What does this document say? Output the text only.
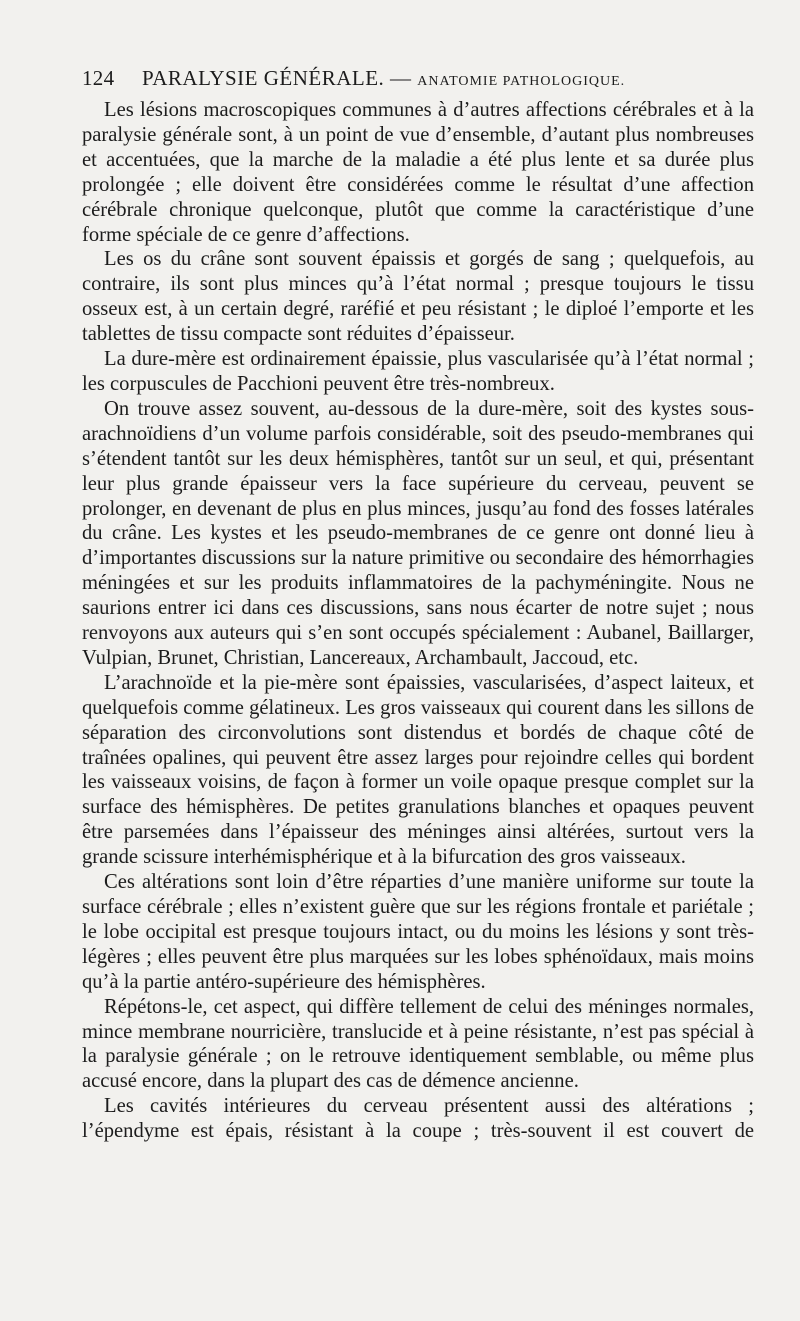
124	PARALYSIE GÉNÉRALE. — ANATOMIE PATHOLOGIQUE.

Les lésions macroscopiques communes à d’autres affections cérébrales et à la paralysie générale sont, à un point de vue d’ensemble, d’autant plus nombreuses et accentuées, que la marche de la maladie a été plus lente et sa durée plus prolongée ; elle doivent être considérées comme le résultat d’une affection cérébrale chronique quelconque, plutôt que comme la caractéristique d’une forme spéciale de ce genre d’affections.

Les os du crâne sont souvent épaissis et gorgés de sang ; quelquefois, au contraire, ils sont plus minces qu’à l’état normal ; presque toujours le tissu osseux est, à un certain degré, raréfié et peu résistant ; le diploé l’emporte et les tablettes de tissu compacte sont réduites d’épaisseur.

La dure-mère est ordinairement épaissie, plus vascularisée qu’à l’état normal ; les corpuscules de Pacchioni peuvent être très-nombreux.

On trouve assez souvent, au-dessous de la dure-mère, soit des kystes sous-arachnoïdiens d’un volume parfois considérable, soit des pseudo-membranes qui s’étendent tantôt sur les deux hémisphères, tantôt sur un seul, et qui, présentant leur plus grande épaisseur vers la face supérieure du cerveau, peuvent se prolonger, en devenant de plus en plus minces, jusqu’au fond des fosses latérales du crâne. Les kystes et les pseudo-membranes de ce genre ont donné lieu à d’importantes discussions sur la nature primitive ou secondaire des hémorrhagies méningées et sur les produits inflammatoires de la pachyméningite. Nous ne saurions entrer ici dans ces discussions, sans nous écarter de notre sujet ; nous renvoyons aux auteurs qui s’en sont occupés spécialement : Aubanel, Baillarger, Vulpian, Brunet, Christian, Lancereaux, Archambault, Jaccoud, etc.

L’arachnoïde et la pie-mère sont épaissies, vascularisées, d’aspect laiteux, et quelquefois comme gélatineux. Les gros vaisseaux qui courent dans les sillons de séparation des circonvolutions sont distendus et bordés de chaque côté de traînées opalines, qui peuvent être assez larges pour rejoindre celles qui bordent les vaisseaux voisins, de façon à former un voile opaque presque complet sur la surface des hémisphères. De petites granulations blanches et opaques peuvent être parsemées dans l’épaisseur des méninges ainsi altérées, surtout vers la grande scissure interhémisphérique et à la bifurcation des gros vaisseaux.

Ces altérations sont loin d’être réparties d’une manière uniforme sur toute la surface cérébrale ; elles n’existent guère que sur les régions frontale et pariétale ; le lobe occipital est presque toujours intact, ou du moins les lésions y sont très-légères ; elles peuvent être plus marquées sur les lobes sphénoïdaux, mais moins qu’à la partie antéro-supérieure des hémisphères.

Répétons-le, cet aspect, qui diffère tellement de celui des méninges normales, mince membrane nourricière, translucide et à peine résistante, n’est pas spécial à la paralysie générale ; on le retrouve identiquement semblable, ou même plus accusé encore, dans la plupart des cas de démence ancienne.

Les cavités intérieures du cerveau présentent aussi des altérations ; l’épendyme est épais, résistant à la coupe ; très-souvent il est couvert de
